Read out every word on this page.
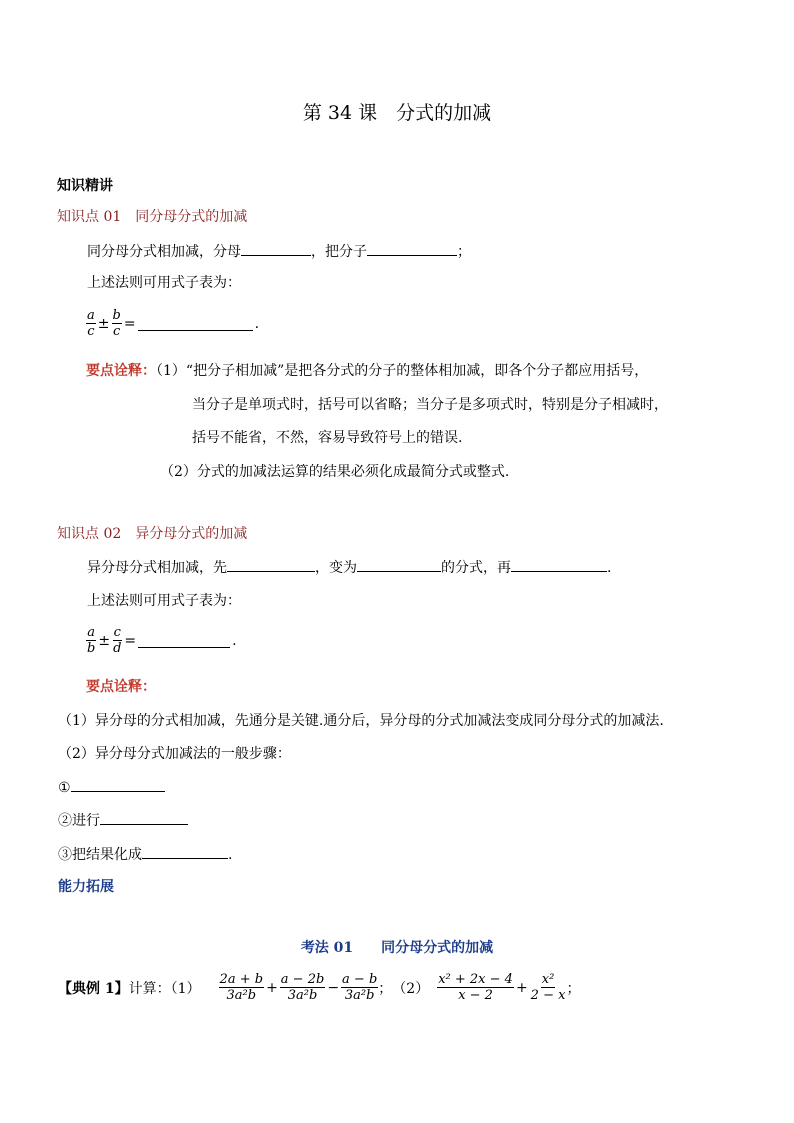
第 34 课　分式的加减
知识精讲
知识点 01　同分母分式的加减
同分母分式相加减，分母	，把分子	；
上述法则可用式子表为：
$\frac{a}{c} \pm \frac{b}{c}$ =	.
要点诠释：（1）“把分子相加减”是把各分式的分子的整体相加减，即各个分子都应用括号，
当分子是单项式时，括号可以省略；当分子是多项式时，特别是分子相减时，
括号不能省，不然，容易导致符号上的错误.
（2）分式的加减法运算的结果必须化成最简分式或整式.
知识点 02　异分母分式的加减
异分母分式相加减，先	，变为	的分式，再	.
上述法则可用式子表为：
$\frac{a}{b} \pm \frac{c}{d}$ =	.
要点诠释：
（1）异分母的分式相加减，先通分是关键.通分后，异分母的分式加减法变成同分母分式的加减法.
（2）异分母分式加减法的一般步骤：
①
②进行
③把结果化成	.
能力拓展
考法 01　　同分母分式的加减
【典例 1】 计算：$(1) \frac{2a + b}{\text{3a²b}} + \frac{a - 2b}{\text{3a²b}} - \frac{a - b}{\text{3a²b}}$ ；　$(2) \frac{\text{x² + 2x − 4}}{x - 2} + \frac{\text{x²}}{2 - x}$ ；
